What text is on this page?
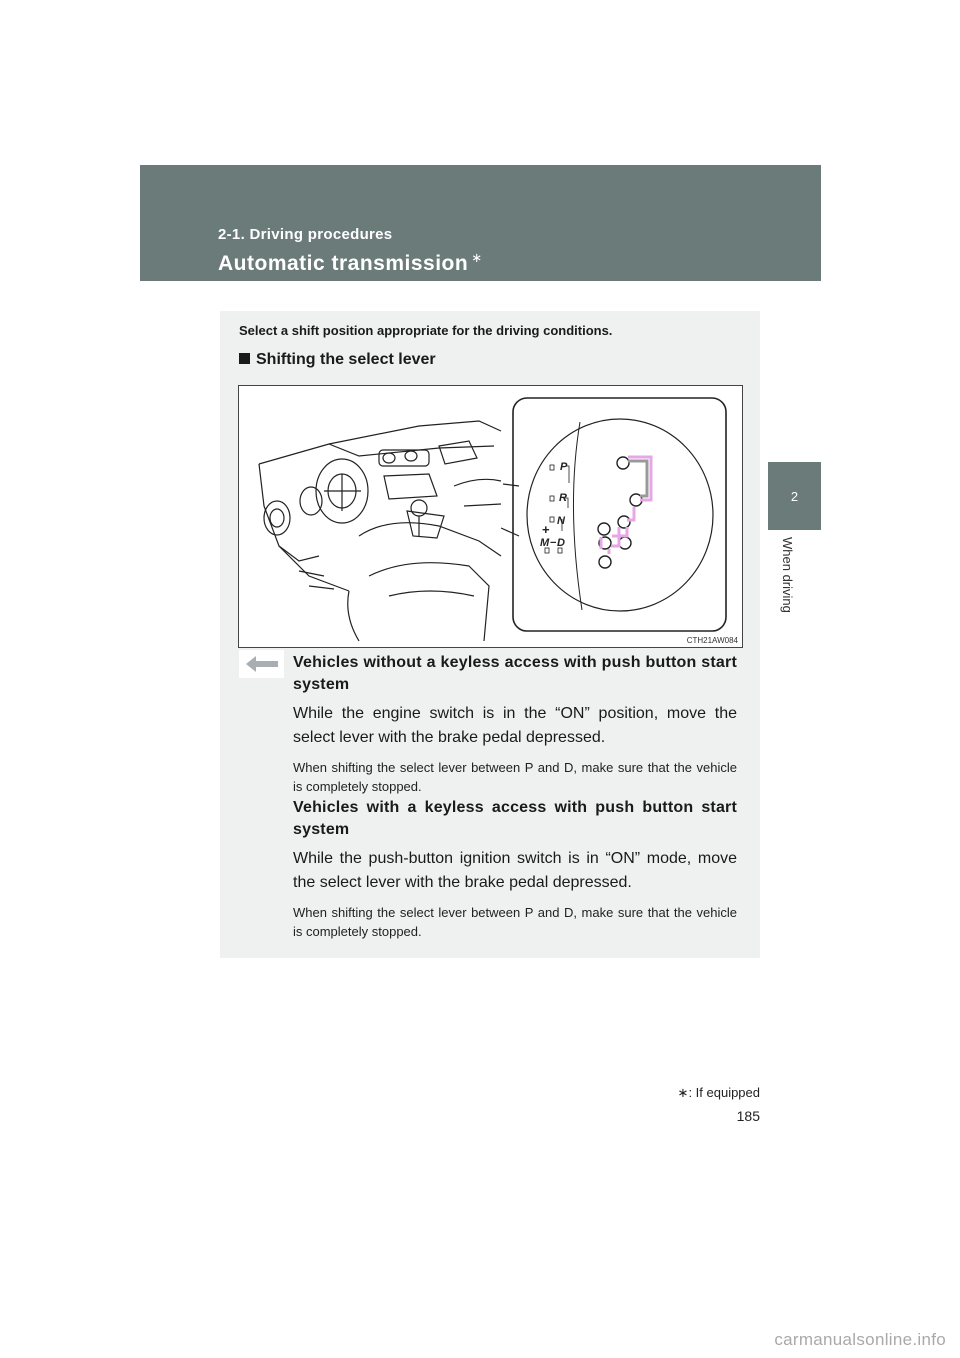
2-1. Driving procedures
Automatic transmission ∗
2
When driving
Select a shift position appropriate for the driving conditions.
Shifting the select lever
P
R
N
D
M
+
−
CTH21AW084
Vehicles without a keyless access with push button start system
While the engine switch is in the “ON” position, move the select lever with the brake pedal depressed.
When shifting the select lever between P and D, make sure that the vehicle is completely stopped.
Vehicles with a keyless access with push button start system
While the push-button ignition switch is in “ON” mode, move the select lever with the brake pedal depressed.
When shifting the select lever between P and D, make sure that the vehicle is completely stopped.
∗: If equipped
185
carmanualsonline.info
